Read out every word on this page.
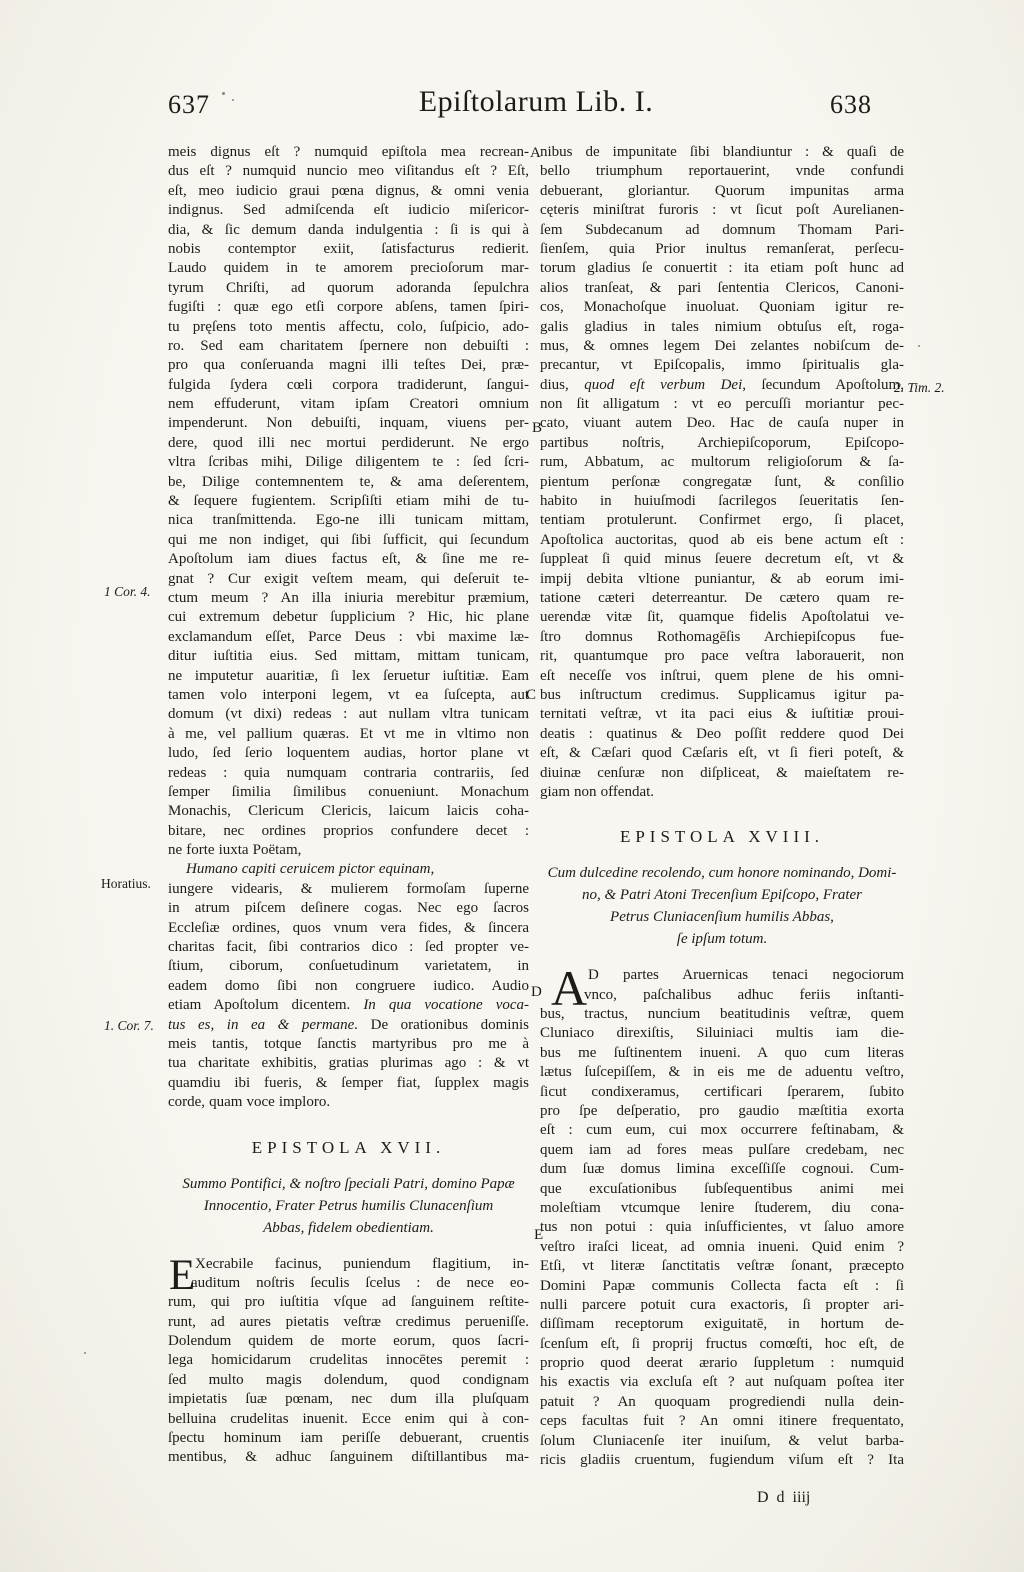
637	Epiſtolarum Lib. I.	638
meis dignus eſt ? numquid epiſtola mea recrean-
dus eſt ? numquid nuncio meo viſitandus eſt ? Eſt,
eſt, meo iudicio graui pœna dignus, & omni venia
indignus. Sed admiſcenda eſt iudicio miſericor-
dia, & ſic demum danda indulgentia : ſi is qui à
nobis contemptor exiit, ſatisfacturus redierit.
Laudo quidem in te amorem precioſorum mar-
tyrum Chriſti, ad quorum adoranda ſepulchra
fugiſti : quæ ego etſi corpore abſens, tamen ſpiri-
tu pręſens toto mentis affectu, colo, ſuſpicio, ado-
ro. Sed eam charitatem ſpernere non debuiſti :
pro qua conſeruanda magni illi teſtes Dei, præ-
fulgida ſydera cœli corpora tradiderunt, ſangui-
nem effuderunt, vitam ipſam Creatori omnium
impenderunt. Non debuiſti, inquam, viuens per-
dere, quod illi nec mortui perdiderunt. Ne ergo
vltra ſcribas mihi, Dilige diligentem te : ſed ſcri-
be, Dilige contemnentem te, & ama deſerentem,
& ſequere fugientem. Scripſiſti etiam mihi de tu-
nica tranſmittenda. Ego-ne illi tunicam mittam,
qui me non indiget, qui ſibi ſufficit, qui ſecundum
Apoſtolum iam diues factus eſt, & ſine me re-
gnat ? Cur exigit veſtem meam, qui deſeruit te-
ctum meum ? An illa iniuria merebitur præmium,
cui extremum debetur ſupplicium ? Hic, hic plane
exclamandum eſſet, Parce Deus : vbi maxime læ-
ditur iuſtitia eius. Sed mittam, mittam tunicam,
ne imputetur auaritiæ, ſi lex ſeruetur iuſtitiæ. Eam
tamen volo interponi legem, vt ea ſuſcepta, aut
domum (vt dixi) redeas : aut nullam vltra tunicam
à me, vel pallium quæras. Et vt me in vltimo non
ludo, ſed ſerio loquentem audias, hortor plane vt
redeas : quia numquam contraria contrariis, ſed
ſemper ſimilia ſimilibus conueniunt. Monachum
Monachis, Clericum Clericis, laicum laicis coha-
bitare, nec ordines proprios confundere decet :
ne forte iuxta Poëtam,
Humano capiti ceruicem pictor equinam,
iungere videaris, & mulierem formoſam ſuperne
in atrum piſcem deſinere cogas. Nec ego ſacros
Eccleſiæ ordines, quos vnum vera fides, & ſincera
charitas facit, ſibi contrarios dico : ſed propter ve-
ſtium, ciborum, conſuetudinum varietatem, in
eadem domo ſibi non congruere iudico. Audio
etiam Apoſtolum dicentem. In qua vocatione voca-
tus es, in ea & permane. De orationibus dominis
meis tantis, totque ſanctis martyribus pro me à
tua charitate exhibitis, gratias plurimas ago : & vt
quamdiu ibi fueris, & ſemper fiat, ſupplex magis
corde, quam voce imploro.
EPISTOLA XVII.
Summo Pontifici, & noſtro ſpeciali Patri, domino Papæ
Innocentio, Frater Petrus humilis Clunacenſium
Abbas, fidelem obedientiam.
E Xecrabile facinus, puniendum flagitium, in-
auditum noſtris ſeculis ſcelus : de nece eo-
rum, qui pro iuſtitia vſque ad ſanguinem reſtite-
runt, ad aures pietatis veſtræ credimus perueniſſe.
Dolendum quidem de morte eorum, quos ſacri-
lega homicidarum crudelitas innocētes peremit :
ſed multo magis dolendum, quod condignam
impietatis ſuæ pœnam, nec dum illa pluſquam
belluina crudelitas inuenit. Ecce enim qui à con-
ſpectu hominum iam periſſe debuerant, cruentis
mentibus, & adhuc ſanguinem diſtillantibus ma-
nibus de impunitate ſibi blandiuntur : & quaſi de
bello triumphum reportauerint, vnde confundi
debuerant, gloriantur. Quorum impunitas arma
cęteris miniſtrat furoris : vt ſicut poſt Aurelianen-
ſem Subdecanum ad domnum Thomam Pari-
ſienſem, quia Prior inultus remanſerat, perſecu-
torum gladius ſe conuertit : ita etiam poſt hunc ad
alios tranſeat, & pari ſententia Clericos, Canoni-
cos, Monachoſque inuoluat. Quoniam igitur re-
galis gladius in tales nimium obtuſus eſt, roga-
mus, & omnes legem Dei zelantes nobiſcum de-
precantur, vt Epiſcopalis, immo ſpiritualis gla-
dius, quod eſt verbum Dei, ſecundum Apoſtolum,
non ſit alligatum : vt eo percuſſi moriantur pec-
cato, viuant autem Deo. Hac de cauſa nuper in
partibus noſtris, Archiepiſcoporum, Epiſcopo-
rum, Abbatum, ac multorum religioſorum & ſa-
pientum perſonæ congregatæ ſunt, & conſilio
habito in huiuſmodi ſacrilegos ſeueritatis ſen-
tentiam protulerunt. Confirmet ergo, ſi placet,
Apoſtolica auctoritas, quod ab eis bene actum eſt :
ſuppleat ſi quid minus ſeuere decretum eſt, vt &
impij debita vltione puniantur, & ab eorum imi-
tatione cæteri deterreantur. De cætero quam re-
uerendæ vitæ ſit, quamque fidelis Apoſtolatui ve-
ſtro domnus Rothomagēſis Archiepiſcopus fue-
rit, quantumque pro pace veſtra laborauerit, non
eſt neceſſe vos inſtrui, quem plene de his omni-
bus inſtructum credimus. Supplicamus igitur pa-
ternitati veſtræ, vt ita paci eius & iuſtitiæ proui-
deatis : quatinus & Deo poſſit reddere quod Dei
eſt, & Cæſari quod Cæſaris eſt, vt ſi fieri poteſt, &
diuinæ cenſuræ non diſpliceat, & maieſtatem re-
giam non offendat.
EPISTOLA XVIII.
Cum dulcedine recolendo, cum honore nominando, Domi-
no, & Patri Atoni Trecenſium Epiſcopo, Frater
Petrus Cluniacenſium humilis Abbas,
ſe ipſum totum.
A D partes Aruernicas tenaci negociorum
vnco, paſchalibus adhuc feriis inſtanti-
bus, tractus, nuncium beatitudinis veſtræ, quem
Cluniaco direxiſtis, Siluiniaci multis iam die-
bus me ſuſtinentem inueni. A quo cum literas
lætus ſuſcepiſſem, & in eis me de aduentu veſtro,
ſicut condixeramus, certificari ſperarem, ſubito
pro ſpe deſperatio, pro gaudio mæſtitia exorta
eſt : cum eum, cui mox occurrere feſtinabam, &
quem iam ad fores meas pulſare credebam, nec
dum ſuæ domus limina exceſſiſſe cognoui. Cum-
que excuſationibus ſubſequentibus animi mei
moleſtiam vtcumque lenire ſtuderem, diu cona-
tus non potui : quia inſufficientes, vt ſaluo amore
veſtro iraſci liceat, ad omnia inueni. Quid enim ?
Etſi, vt literæ ſanctitatis veſtræ ſonant, præcepto
Domini Papæ communis Collecta facta eſt : ſi
nulli parcere potuit cura exactoris, ſi propter ari-
diſſimam receptorum exiguitatē, in hortum de-
ſcenſum eſt, ſi proprij fructus comœſti, hoc eſt, de
proprio quod deerat ærario ſuppletum : numquid
his exactis via excluſa eſt ? aut nuſquam poſtea iter
patuit ? An quoquam progrediendi nulla dein-
ceps facultas fuit ? An omni itinere frequentato,
ſolum Cluniacenſe iter inuiſum, & velut barba-
ricis gladiis cruentum, fugiendum viſum eſt ? Ita
1 Cor. 4.
Horatius.
1. Cor. 7.
2. Tim. 2.
A
B
C
D
E
D d iiij
